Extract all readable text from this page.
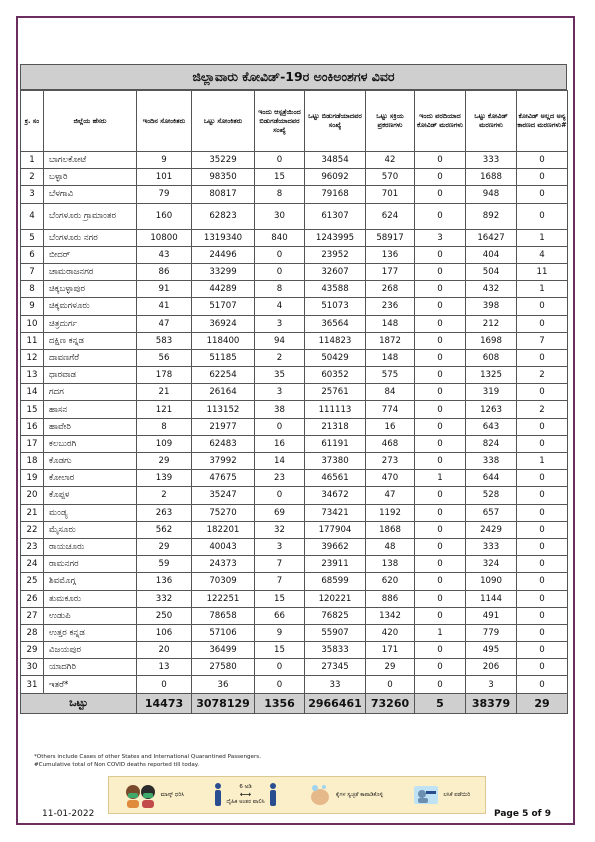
ಜಿಲ್ಲಾವಾರು ಕೋವಿಡ್-19ರ ಅಂಕಿಅಂಶಗಳ ವಿವರ
ಕ್ರ. ಸಂ	ಜಿಲ್ಲೆಯ ಹೆಸರು	ಇಂದಿನ ಸೋಂಕಿತರು	ಒಟ್ಟು ಸೋಂಕಿತರು	ಇಂದು ಆಸ್ಪತ್ರೆಯಿಂದ ಬಿಡುಗಡೆಯಾದವರ ಸಂಖ್ಯೆ	ಒಟ್ಟು ಬಿಡುಗಡೆಯಾದವರ ಸಂಖ್ಯೆ	ಒಟ್ಟು ಸಕ್ರಿಯ ಪ್ರಕರಣಗಳು	ಇಂದು ವರದಿಯಾದ ಕೋವಿಡ್ ಮರಣಗಳು	ಒಟ್ಟು ಕೋವಿಡ್ ಮರಣಗಳು	ಕೋವಿಡ್ ಅಲ್ಲದ ಅನ್ಯ ಕಾರಣದ ಮರಣಗಳು#
1	ಬಾಗಲಕೋಟೆ	9	35229	0	34854	42	0	333	0
2	ಬಳ್ಳಾರಿ	101	98350	15	96092	570	0	1688	0
3	ಬೆಳಗಾವಿ	79	80817	8	79168	701	0	948	0
4	ಬೆಂಗಳೂರು ಗ್ರಾಮಾಂತರ	160	62823	30	61307	624	0	892	0
5	ಬೆಂಗಳೂರು ನಗರ	10800	1319340	840	1243995	58917	3	16427	1
6	ಬೀದರ್	43	24496	0	23952	136	0	404	4
7	ಚಾಮರಾಜನಗರ	86	33299	0	32607	177	0	504	11
8	ಚಿಕ್ಕಬಳ್ಳಾಪುರ	91	44289	8	43588	268	0	432	1
9	ಚಿಕ್ಕಮಗಳೂರು	41	51707	4	51073	236	0	398	0
10	ಚಿತ್ರದುರ್ಗ	47	36924	3	36564	148	0	212	0
11	ದಕ್ಷಿಣ ಕನ್ನಡ	583	118400	94	114823	1872	0	1698	7
12	ದಾವಣಗೆರೆ	56	51185	2	50429	148	0	608	0
13	ಧಾರವಾಡ	178	62254	35	60352	575	0	1325	2
14	ಗದಗ	21	26164	3	25761	84	0	319	0
15	ಹಾಸನ	121	113152	38	111113	774	0	1263	2
16	ಹಾವೇರಿ	8	21977	0	21318	16	0	643	0
17	ಕಲಬುರಗಿ	109	62483	16	61191	468	0	824	0
18	ಕೊಡಗು	29	37992	14	37380	273	0	338	1
19	ಕೋಲಾರ	139	47675	23	46561	470	1	644	0
20	ಕೊಪ್ಪಳ	2	35247	0	34672	47	0	528	0
21	ಮಂಡ್ಯ	263	75270	69	73421	1192	0	657	0
22	ಮೈಸೂರು	562	182201	32	177904	1868	0	2429	0
23	ರಾಯಚೂರು	29	40043	3	39662	48	0	333	0
24	ರಾಮನಗರ	59	24373	7	23911	138	0	324	0
25	ಶಿವಮೊಗ್ಗ	136	70309	7	68599	620	0	1090	0
26	ತುಮಕೂರು	332	122251	15	120221	886	0	1144	0
27	ಉಡುಪಿ	250	78658	66	76825	1342	0	491	0
28	ಉತ್ತರ ಕನ್ನಡ	106	57106	9	55907	420	1	779	0
29	ವಿಜಯಪುರ	20	36499	15	35833	171	0	495	0
30	ಯಾದಗಿರಿ	13	27580	0	27345	29	0	206	0
31	ಇತರೆ*	0	36	0	33	0	0	3	0
ಒಟ್ಟು		14473	3078129	1356	2966461	73260	5	38379	29
*Others include Cases of other States and International Quarantined Passengers.
#Cumulative total of Non COVID deaths reported till today.
ಮಾಸ್ಕ್ ಧರಿಸಿ
6 ಅಡಿ
⟷
ದೈಹಿಕ ಅಂತರ ಪಾಲಿಸಿ
ಕೈಗಳ ಸ್ವಚ್ಛತೆ ಕಾಪಾಡಿಕೊಳ್ಳಿ	ಲಸಿಕೆ ಪಡೆಯಿರಿ
11-01-2022	Page 5 of 9
